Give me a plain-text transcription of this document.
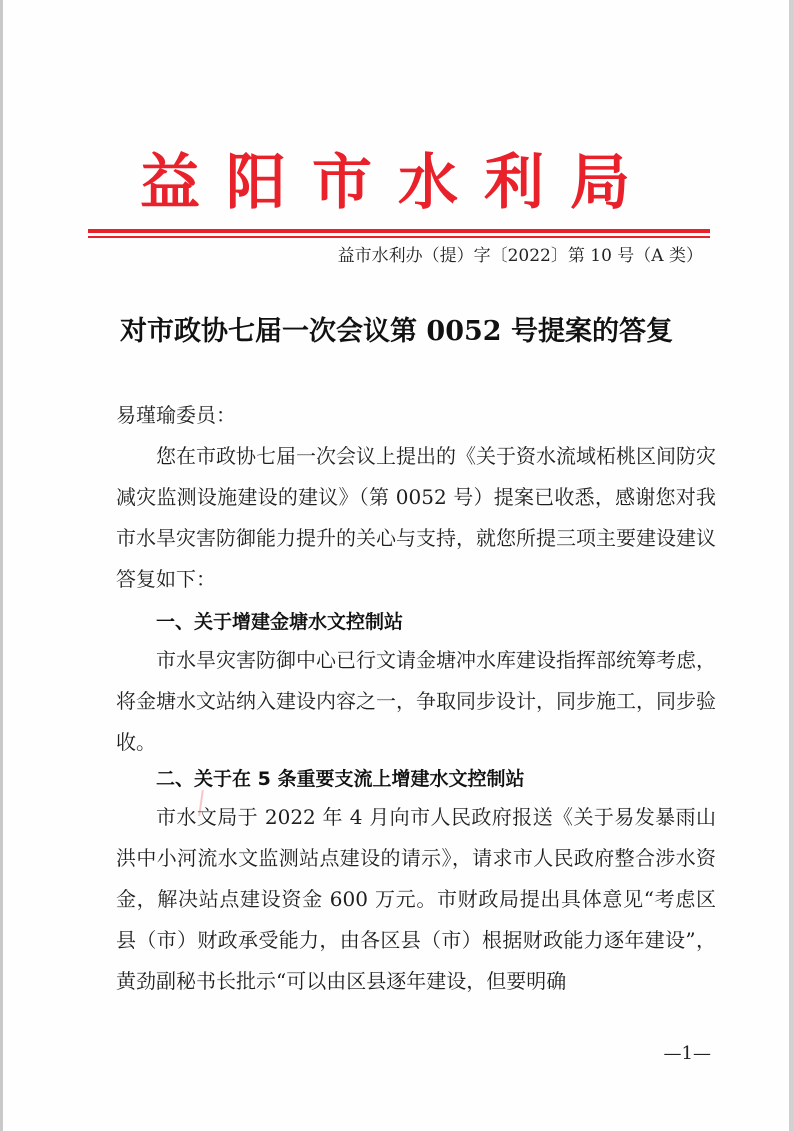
益阳市水利局
益市水利办（提）字〔2022〕第 10 号（A 类）
对市政协七届一次会议第 0052 号提案的答复
易瑾瑜委员：
您在市政协七届一次会议上提出的《关于资水流域柘桃区间防灾减灾监测设施建设的建议》（第 0052 号）提案已收悉，感谢您对我市水旱灾害防御能力提升的关心与支持，就您所提三项主要建设建议答复如下：
一、关于增建金塘水文控制站
市水旱灾害防御中心已行文请金塘冲水库建设指挥部统筹考虑，将金塘水文站纳入建设内容之一，争取同步设计，同步施工，同步验收。
二、关于在 5 条重要支流上增建水文控制站
市水文局于 2022 年 4 月向市人民政府报送《关于易发暴雨山洪中小河流水文监测站点建设的请示》，请求市人民政府整合涉水资金，解决站点建设资金 600 万元。市财政局提出具体意见“考虑区县（市）财政承受能力，由各区县（市）根据财政能力逐年建设”，黄劲副秘书长批示“可以由区县逐年建设，但要明确
—1—
